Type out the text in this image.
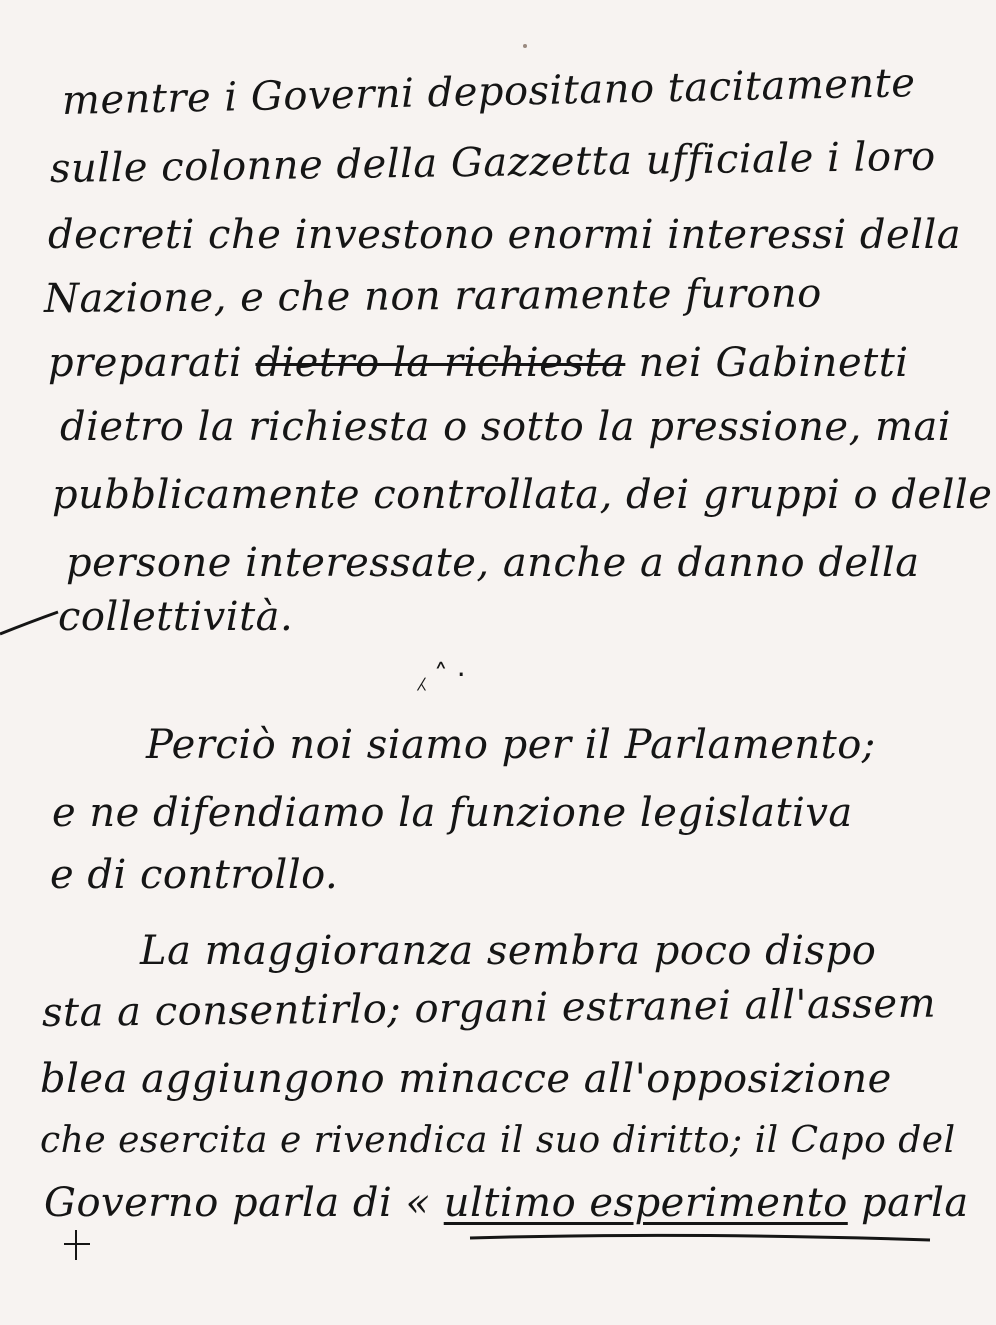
mentre i Governi depositano tacitamente
sulle colonne della Gazzetta ufficiale i loro
decreti che investono enormi interessi della
Nazione, e che non raramente furono
preparati dietro la richiesta nei Gabinetti
dietro la richiesta o sotto la pressione, mai
pubblicamente controllata, dei gruppi o delle
persone interessate, anche a danno della
collettività.
⁁ ˄ ·
Perciò noi siamo per il Parlamento;
e ne difendiamo la funzione legislativa
e di controllo.
La maggioranza sembra poco dispo
sta a consentirlo; organi estranei all'assem
blea aggiungono minacce all'opposizione
che esercita e rivendica il suo diritto; il Capo del
Governo parla di « ultimo esperimento parla
